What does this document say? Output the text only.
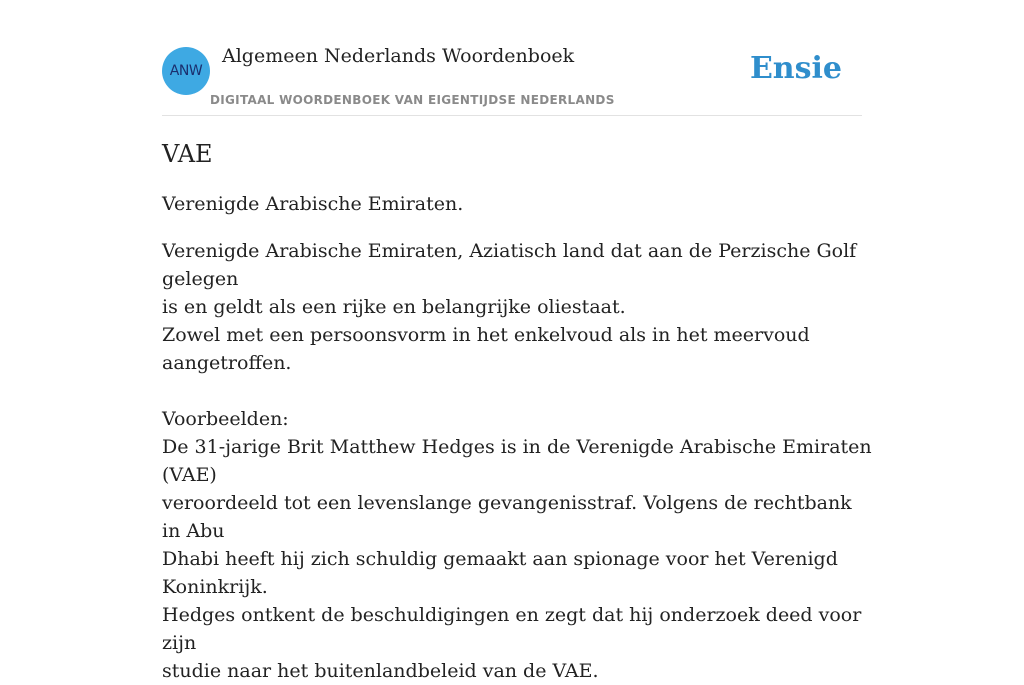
ANW
Algemeen Nederlands Woordenboek
DIGITAAL WOORDENBOEK VAN EIGENTIJDSE NEDERLANDS
Ensie
VAE

Verenigde Arabische Emiraten.

Verenigde Arabische Emiraten, Aziatisch land dat aan de Perzische Golf gelegen
is en geldt als een rijke en belangrijke oliestaat.
Zowel met een persoonsvorm in het enkelvoud als in het meervoud aangetroffen.
Voorbeelden:
De 31-jarige Brit Matthew Hedges is in de Verenigde Arabische Emiraten (VAE)
veroordeeld tot een levenslange gevangenisstraf. Volgens de rechtbank in Abu
Dhabi heeft hij zich schuldig gemaakt aan spionage voor het Verenigd Koninkrijk.
Hedges ontkent de beschuldigingen en zegt dat hij onderzoek deed voor zijn
studie naar het buitenlandbeleid van de VAE.
